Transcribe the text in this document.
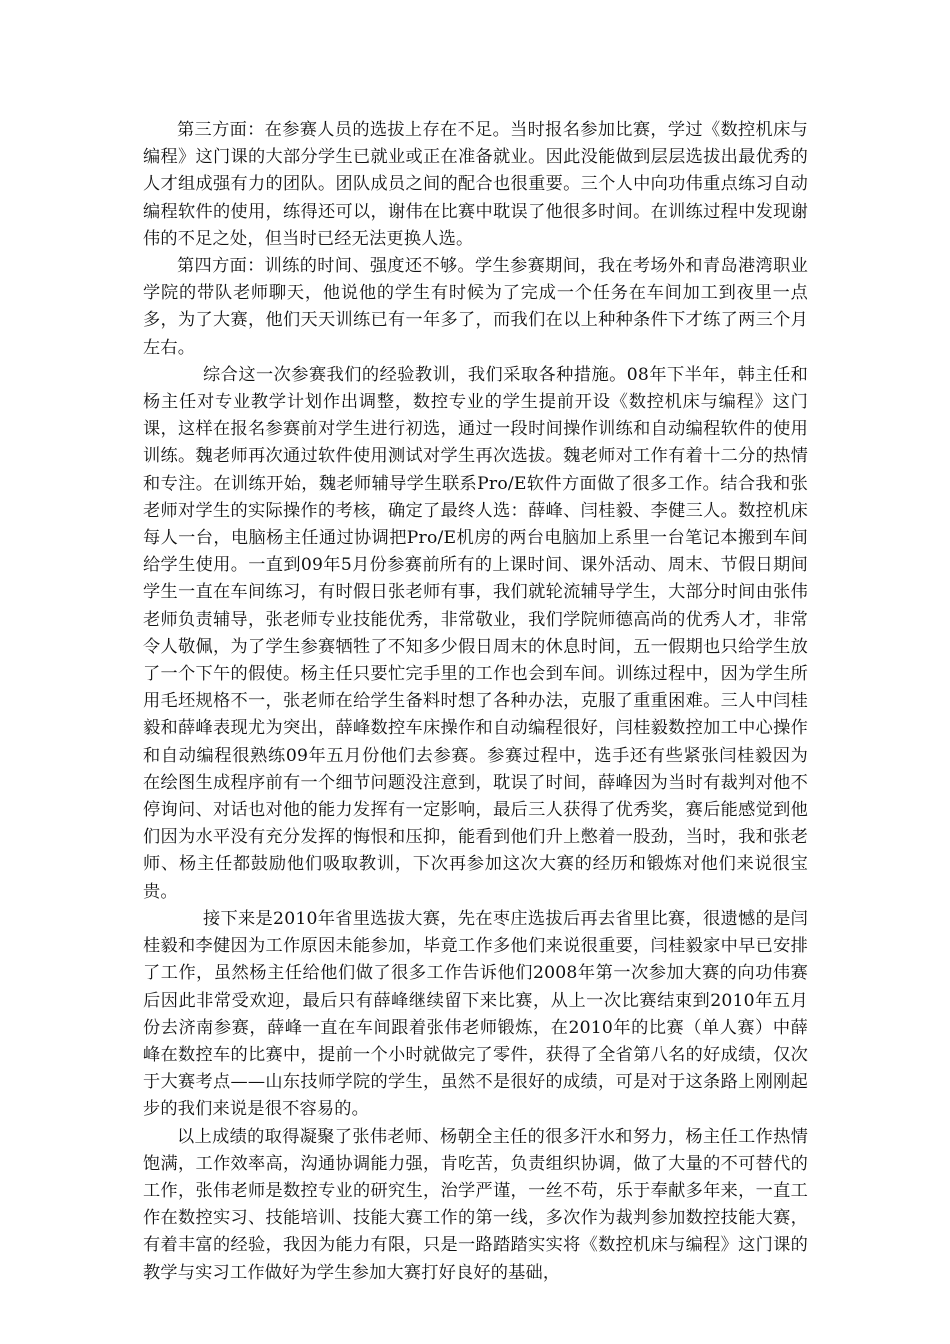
第三方面：在参赛人员的选拔上存在不足。当时报名参加比赛，学过《数控机床与编程》这门课的大部分学生已就业或正在准备就业。因此没能做到层层选拔出最优秀的人才组成强有力的团队。团队成员之间的配合也很重要。三个人中向功伟重点练习自动编程软件的使用，练得还可以，谢伟在比赛中耽误了他很多时间。在训练过程中发现谢伟的不足之处，但当时已经无法更换人选。

第四方面：训练的时间、强度还不够。学生参赛期间，我在考场外和青岛港湾职业学院的带队老师聊天，他说他的学生有时候为了完成一个任务在车间加工到夜里一点多，为了大赛，他们天天训练已有一年多了，而我们在以上种种条件下才练了两三个月左右。

综合这一次参赛我们的经验教训，我们采取各种措施。08年下半年，韩主任和杨主任对专业教学计划作出调整，数控专业的学生提前开设《数控机床与编程》这门课，这样在报名参赛前对学生进行初选，通过一段时间操作训练和自动编程软件的使用训练。魏老师再次通过软件使用测试对学生再次选拔。魏老师对工作有着十二分的热情和专注。在训练开始，魏老师辅导学生联系Pro/E软件方面做了很多工作。结合我和张老师对学生的实际操作的考核，确定了最终人选：薛峰、闫桂毅、李健三人。数控机床每人一台，电脑杨主任通过协调把Pro/E机房的两台电脑加上系里一台笔记本搬到车间给学生使用。一直到09年5月份参赛前所有的上课时间、课外活动、周末、节假日期间学生一直在车间练习，有时假日张老师有事，我们就轮流辅导学生，大部分时间由张伟老师负责辅导，张老师专业技能优秀，非常敬业，我们学院师德高尚的优秀人才，非常令人敬佩，为了学生参赛牺牲了不知多少假日周末的休息时间，五一假期也只给学生放了一个下午的假使。杨主任只要忙完手里的工作也会到车间。训练过程中，因为学生所用毛坯规格不一，张老师在给学生备料时想了各种办法，克服了重重困难。三人中闫桂毅和薛峰表现尤为突出，薛峰数控车床操作和自动编程很好，闫桂毅数控加工中心操作和自动编程很熟练09年五月份他们去参赛。参赛过程中，选手还有些紧张闫桂毅因为在绘图生成程序前有一个细节问题没注意到，耽误了时间，薛峰因为当时有裁判对他不停询问、对话也对他的能力发挥有一定影响，最后三人获得了优秀奖，赛后能感觉到他们因为水平没有充分发挥的悔恨和压抑，能看到他们升上憋着一股劲，当时，我和张老师、杨主任都鼓励他们吸取教训，下次再参加这次大赛的经历和锻炼对他们来说很宝贵。

接下来是2010年省里选拔大赛，先在枣庄选拔后再去省里比赛，很遗憾的是闫桂毅和李健因为工作原因未能参加，毕竟工作多他们来说很重要，闫桂毅家中早已安排了工作，虽然杨主任给他们做了很多工作告诉他们2008年第一次参加大赛的向功伟赛后因此非常受欢迎，最后只有薛峰继续留下来比赛，从上一次比赛结束到2010年五月份去济南参赛，薛峰一直在车间跟着张伟老师锻炼，在2010年的比赛（单人赛）中薛峰在数控车的比赛中，提前一个小时就做完了零件，获得了全省第八名的好成绩，仅次于大赛考点——山东技师学院的学生，虽然不是很好的成绩，可是对于这条路上刚刚起步的我们来说是很不容易的。

以上成绩的取得凝聚了张伟老师、杨朝全主任的很多汗水和努力，杨主任工作热情饱满，工作效率高，沟通协调能力强，肯吃苦，负责组织协调，做了大量的不可替代的工作，张伟老师是数控专业的研究生，治学严谨，一丝不苟，乐于奉献多年来，一直工作在数控实习、技能培训、技能大赛工作的第一线，多次作为裁判参加数控技能大赛，有着丰富的经验，我因为能力有限，只是一路踏踏实实将《数控机床与编程》这门课的教学与实习工作做好为学生参加大赛打好良好的基础，
